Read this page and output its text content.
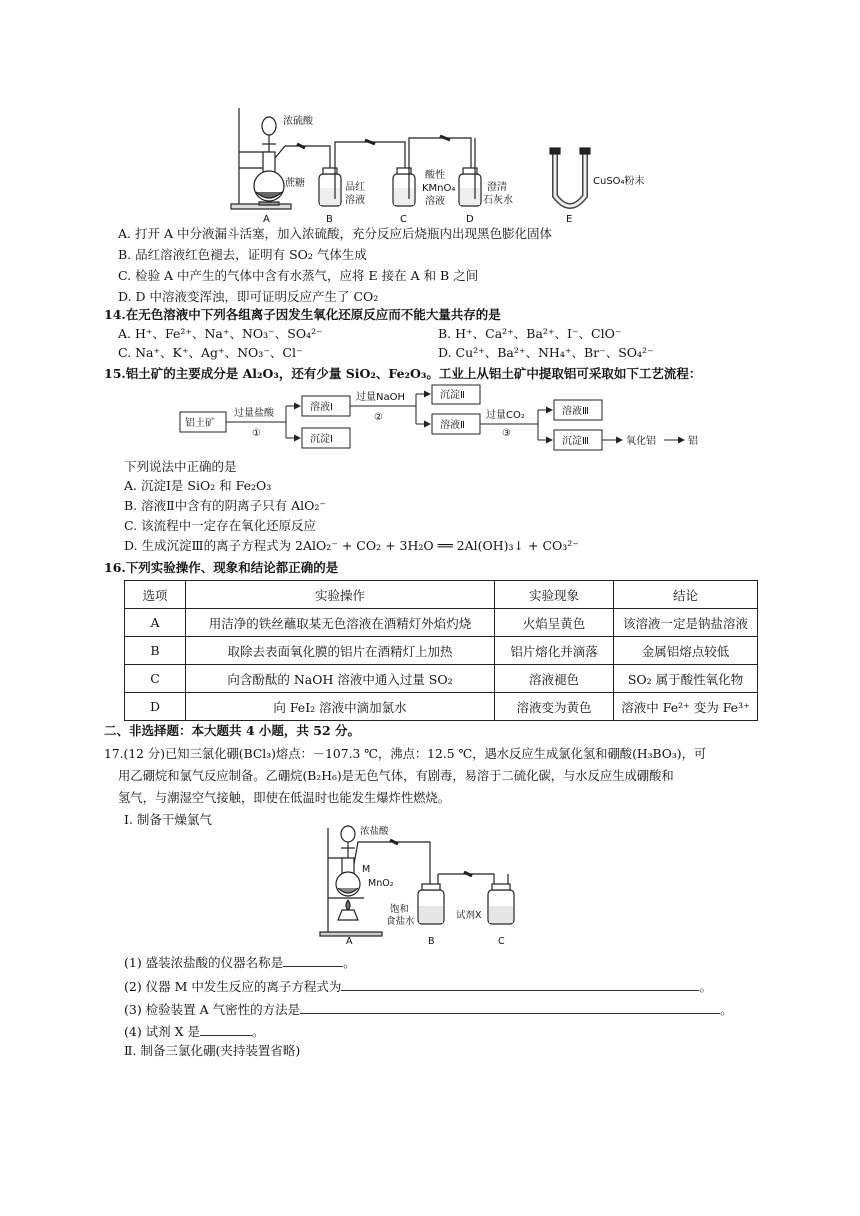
浓硫酸
蔗糖	品红
溶液
酸性
KMnO₄
溶液
澄清
石灰水
CuSO₄粉末
A	B	C	D	E
A. 打开 A 中分液漏斗活塞，加入浓硫酸，充分反应后烧瓶内出现黑色膨化固体
B. 品红溶液红色褪去，证明有 SO₂ 气体生成
C. 检验 A 中产生的气体中含有水蒸气，应将 E 接在 A 和 B 之间
D. D 中溶液变浑浊，即可证明反应产生了 CO₂
14.在无色溶液中下列各组离子因发生氧化还原反应而不能大量共存的是
A. H⁺、Fe²⁺、Na⁺、NO₃⁻、SO₄²⁻	B. H⁺、Ca²⁺、Ba²⁺、I⁻、ClO⁻
C. Na⁺、K⁺、Ag⁺、NO₃⁻、Cl⁻	D. Cu²⁺、Ba²⁺、NH₄⁺、Br⁻、SO₄²⁻
15.铝土矿的主要成分是 Al₂O₃，还有少量 SiO₂、Fe₂O₃。工业上从铝土矿中提取铝可采取如下工艺流程：
铝土矿
过量盐酸
①
溶液Ⅰ
沉淀Ⅰ
过量NaOH
②
沉淀Ⅱ
溶液Ⅱ
过量CO₂
③
溶液Ⅲ
沉淀Ⅲ	氧化铝	铝
下列说法中正确的是
A. 沉淀Ⅰ是 SiO₂ 和 Fe₂O₃
B. 溶液Ⅱ中含有的阴离子只有 AlO₂⁻
C. 该流程中一定存在氧化还原反应
D. 生成沉淀Ⅲ的离子方程式为 2AlO₂⁻ + CO₂ + 3H₂O ══ 2Al(OH)₃↓ + CO₃²⁻
16.下列实验操作、现象和结论都正确的是
选项	实验操作	实验现象	结论
A	用洁净的铁丝蘸取某无色溶液在酒精灯外焰灼烧	火焰呈黄色	该溶液一定是钠盐溶液
B	取除去表面氧化膜的铝片在酒精灯上加热	铝片熔化并滴落	金属铝熔点较低
C	向含酚酞的 NaOH 溶液中通入过量 SO₂	溶液褪色	SO₂ 属于酸性氧化物
D	向 FeI₂ 溶液中滴加氯水	溶液变为黄色	溶液中 Fe²⁺ 变为 Fe³⁺
二、非选择题：本大题共 4 小题，共 52 分。
17.(12 分)已知三氯化硼(BCl₃)熔点：－107.3 ℃，沸点：12.5 ℃，遇水反应生成氯化氢和硼酸(H₃BO₃)，可
用乙硼烷和氯气反应制备。乙硼烷(B₂H₆)是无色气体，有剧毒，易溶于二硫化碳，与水反应生成硼酸和
氢气，与潮湿空气接触，即使在低温时也能发生爆炸性燃烧。
Ⅰ. 制备干燥氯气
浓盐酸
M
MnO₂
饱和
食盐水
试剂X
A	B	C
(1) 盛装浓盐酸的仪器名称是	。
(2) 仪器 M 中发生反应的离子方程式为	。
(3) 检验装置 A 气密性的方法是	。
(4) 试剂 X 是	。
Ⅱ. 制备三氯化硼(夹持装置省略)
